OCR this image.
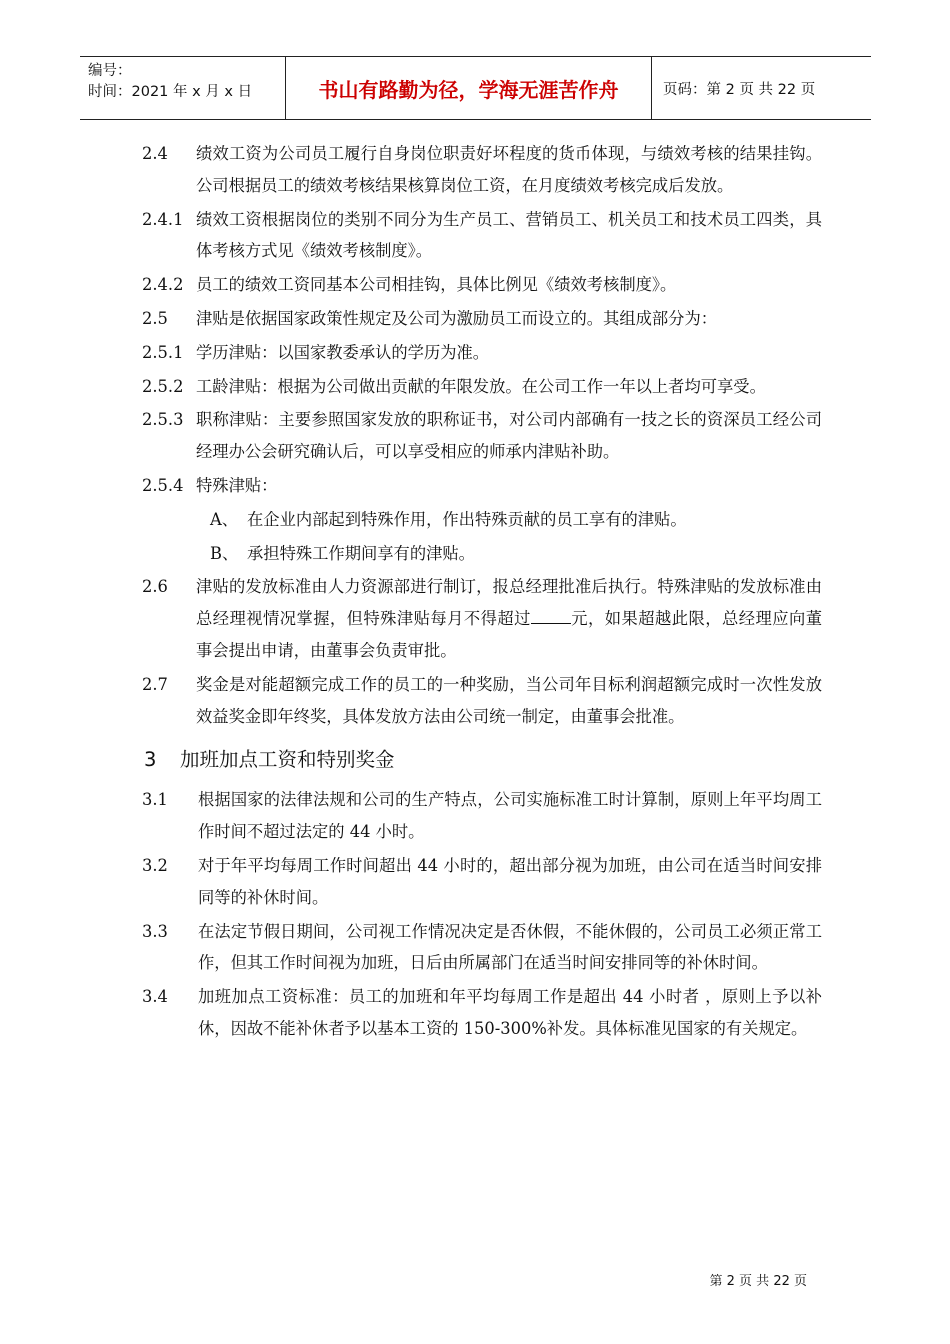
编号：
时间：2021 年 x 月 x 日	书山有路勤为径，学海无涯苦作舟	页码：第 2 页 共 22 页
2.4	绩效工资为公司员工履行自身岗位职责好坏程度的货币体现，与绩效考核的结果挂钩。公司根据员工的绩效考核结果核算岗位工资，在月度绩效考核完成后发放。
2.4.1 绩效工资根据岗位的类别不同分为生产员工、营销员工、机关员工和技术员工四类，具体考核方式见《绩效考核制度》。
2.4.2 员工的绩效工资同基本公司相挂钩，具体比例见《绩效考核制度》。
2.5	津贴是依据国家政策性规定及公司为激励员工而设立的。其组成部分为：
2.5.1 学历津贴：以国家教委承认的学历为准。
2.5.2 工龄津贴：根据为公司做出贡献的年限发放。在公司工作一年以上者均可享受。
2.5.3 职称津贴：主要参照国家发放的职称证书，对公司内部确有一技之长的资深员工经公司经理办公会研究确认后，可以享受相应的师承内津贴补助。
2.5.4 特殊津贴：
A、 在企业内部起到特殊作用，作出特殊贡献的员工享有的津贴。
B、 承担特殊工作期间享有的津贴。
2.6	津贴的发放标准由人力资源部进行制订，报总经理批准后执行。特殊津贴的发放标准由总经理视情况掌握，但特殊津贴每月不得超过 元，如果超越此限，总经理应向董事会提出申请，由董事会负责审批。
2.7	奖金是对能超额完成工作的员工的一种奖励，当公司年目标利润超额完成时一次性发放效益奖金即年终奖，具体发放方法由公司统一制定，由董事会批准。
3	加班加点工资和特别奖金
3.1	根据国家的法律法规和公司的生产特点，公司实施标准工时计算制，原则上年平均周工作时间不超过法定的 44 小时。
3.2	对于年平均每周工作时间超出 44 小时的，超出部分视为加班，由公司在适当时间安排同等的补休时间。
3.3	在法定节假日期间，公司视工作情况决定是否休假，不能休假的，公司员工必须正常工作，但其工作时间视为加班，日后由所属部门在适当时间安排同等的补休时间。
3.4	加班加点工资标准：员工的加班和年平均每周工作是超出 44 小时者 ，原则上予以补休，因故不能补休者予以基本工资的 150-300%补发。具体标准见国家的有关规定。
第 2 页 共 22 页
